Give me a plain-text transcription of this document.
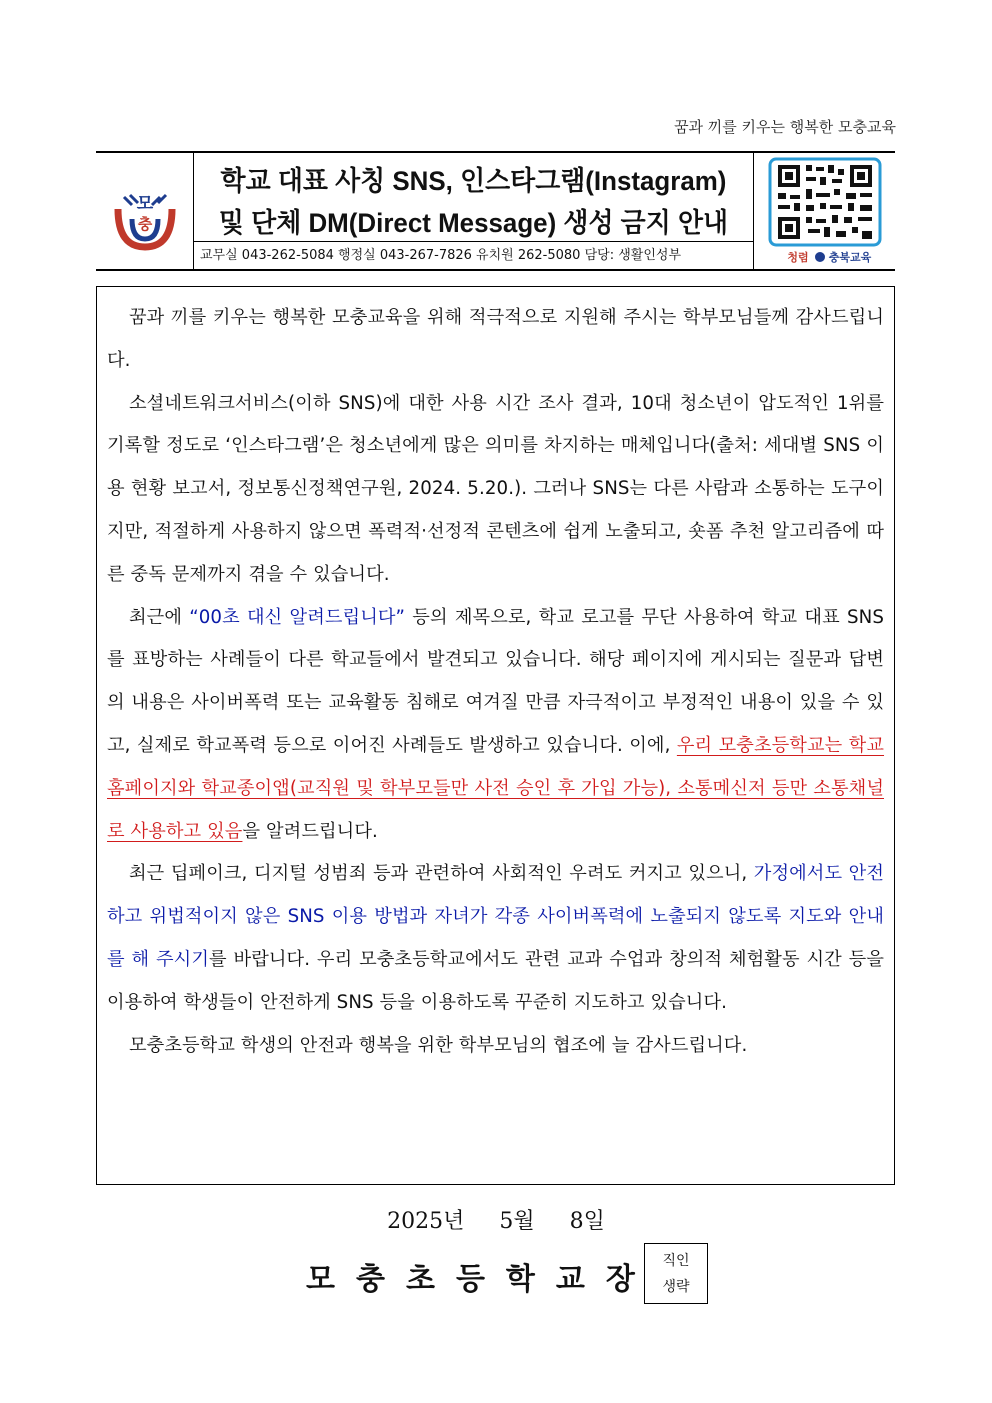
꿈과 끼를 키우는 행복한 모충교육
모
충
학교 대표 사칭 SNS, 인스타그램(Instagram)
및 단체 DM(Direct Message) 생성 금지 안내
교무실 043-262-5084 행정실 043-267-7826 유치원 262-5080 담당: 생활인성부	청렴 충북교육

꿈과 끼를 키우는 행복한 모충교육을 위해 적극적으로 지원해 주시는 학부모님들께 감사드립니다.

소셜네트워크서비스(이하 SNS)에 대한 사용 시간 조사 결과, 10대 청소년이 압도적인 1위를 기록할 정도로 ‘인스타그램’은 청소년에게 많은 의미를 차지하는 매체입니다(출처: 세대별 SNS 이용 현황 보고서, 정보통신정책연구원, 2024. 5.20.). 그러나 SNS는 다른 사람과 소통하는 도구이지만, 적절하게 사용하지 않으면 폭력적·선정적 콘텐츠에 쉽게 노출되고, 숏폼 추천 알고리즘에 따른 중독 문제까지 겪을 수 있습니다.

최근에 “00초 대신 알려드립니다” 등의 제목으로, 학교 로고를 무단 사용하여 학교 대표 SNS를 표방하는 사례들이 다른 학교들에서 발견되고 있습니다. 해당 페이지에 게시되는 질문과 답변의 내용은 사이버폭력 또는 교육활동 침해로 여겨질 만큼 자극적이고 부정적인 내용이 있을 수 있고, 실제로 학교폭력 등으로 이어진 사례들도 발생하고 있습니다. 이에, 우리 모충초등학교는 학교홈페이지와 학교종이앱(교직원 및 학부모들만 사전 승인 후 가입 가능), 소통메신저 등만 소통채널로 사용하고 있음을 알려드립니다.

최근 딥페이크, 디지털 성범죄 등과 관련하여 사회적인 우려도 커지고 있으니, 가정에서도 안전하고 위법적이지 않은 SNS 이용 방법과 자녀가 각종 사이버폭력에 노출되지 않도록 지도와 안내를 해 주시기를 바랍니다. 우리 모충초등학교에서도 관련 교과 수업과 창의적 체험활동 시간 등을 이용하여 학생들이 안전하게 SNS 등을 이용하도록 꾸준히 지도하고 있습니다.

모충초등학교 학생의 안전과 행복을 위한 학부모님의 협조에 늘 감사드립니다.

2025년 5월 8일
모충초등학교장
직인
생략
